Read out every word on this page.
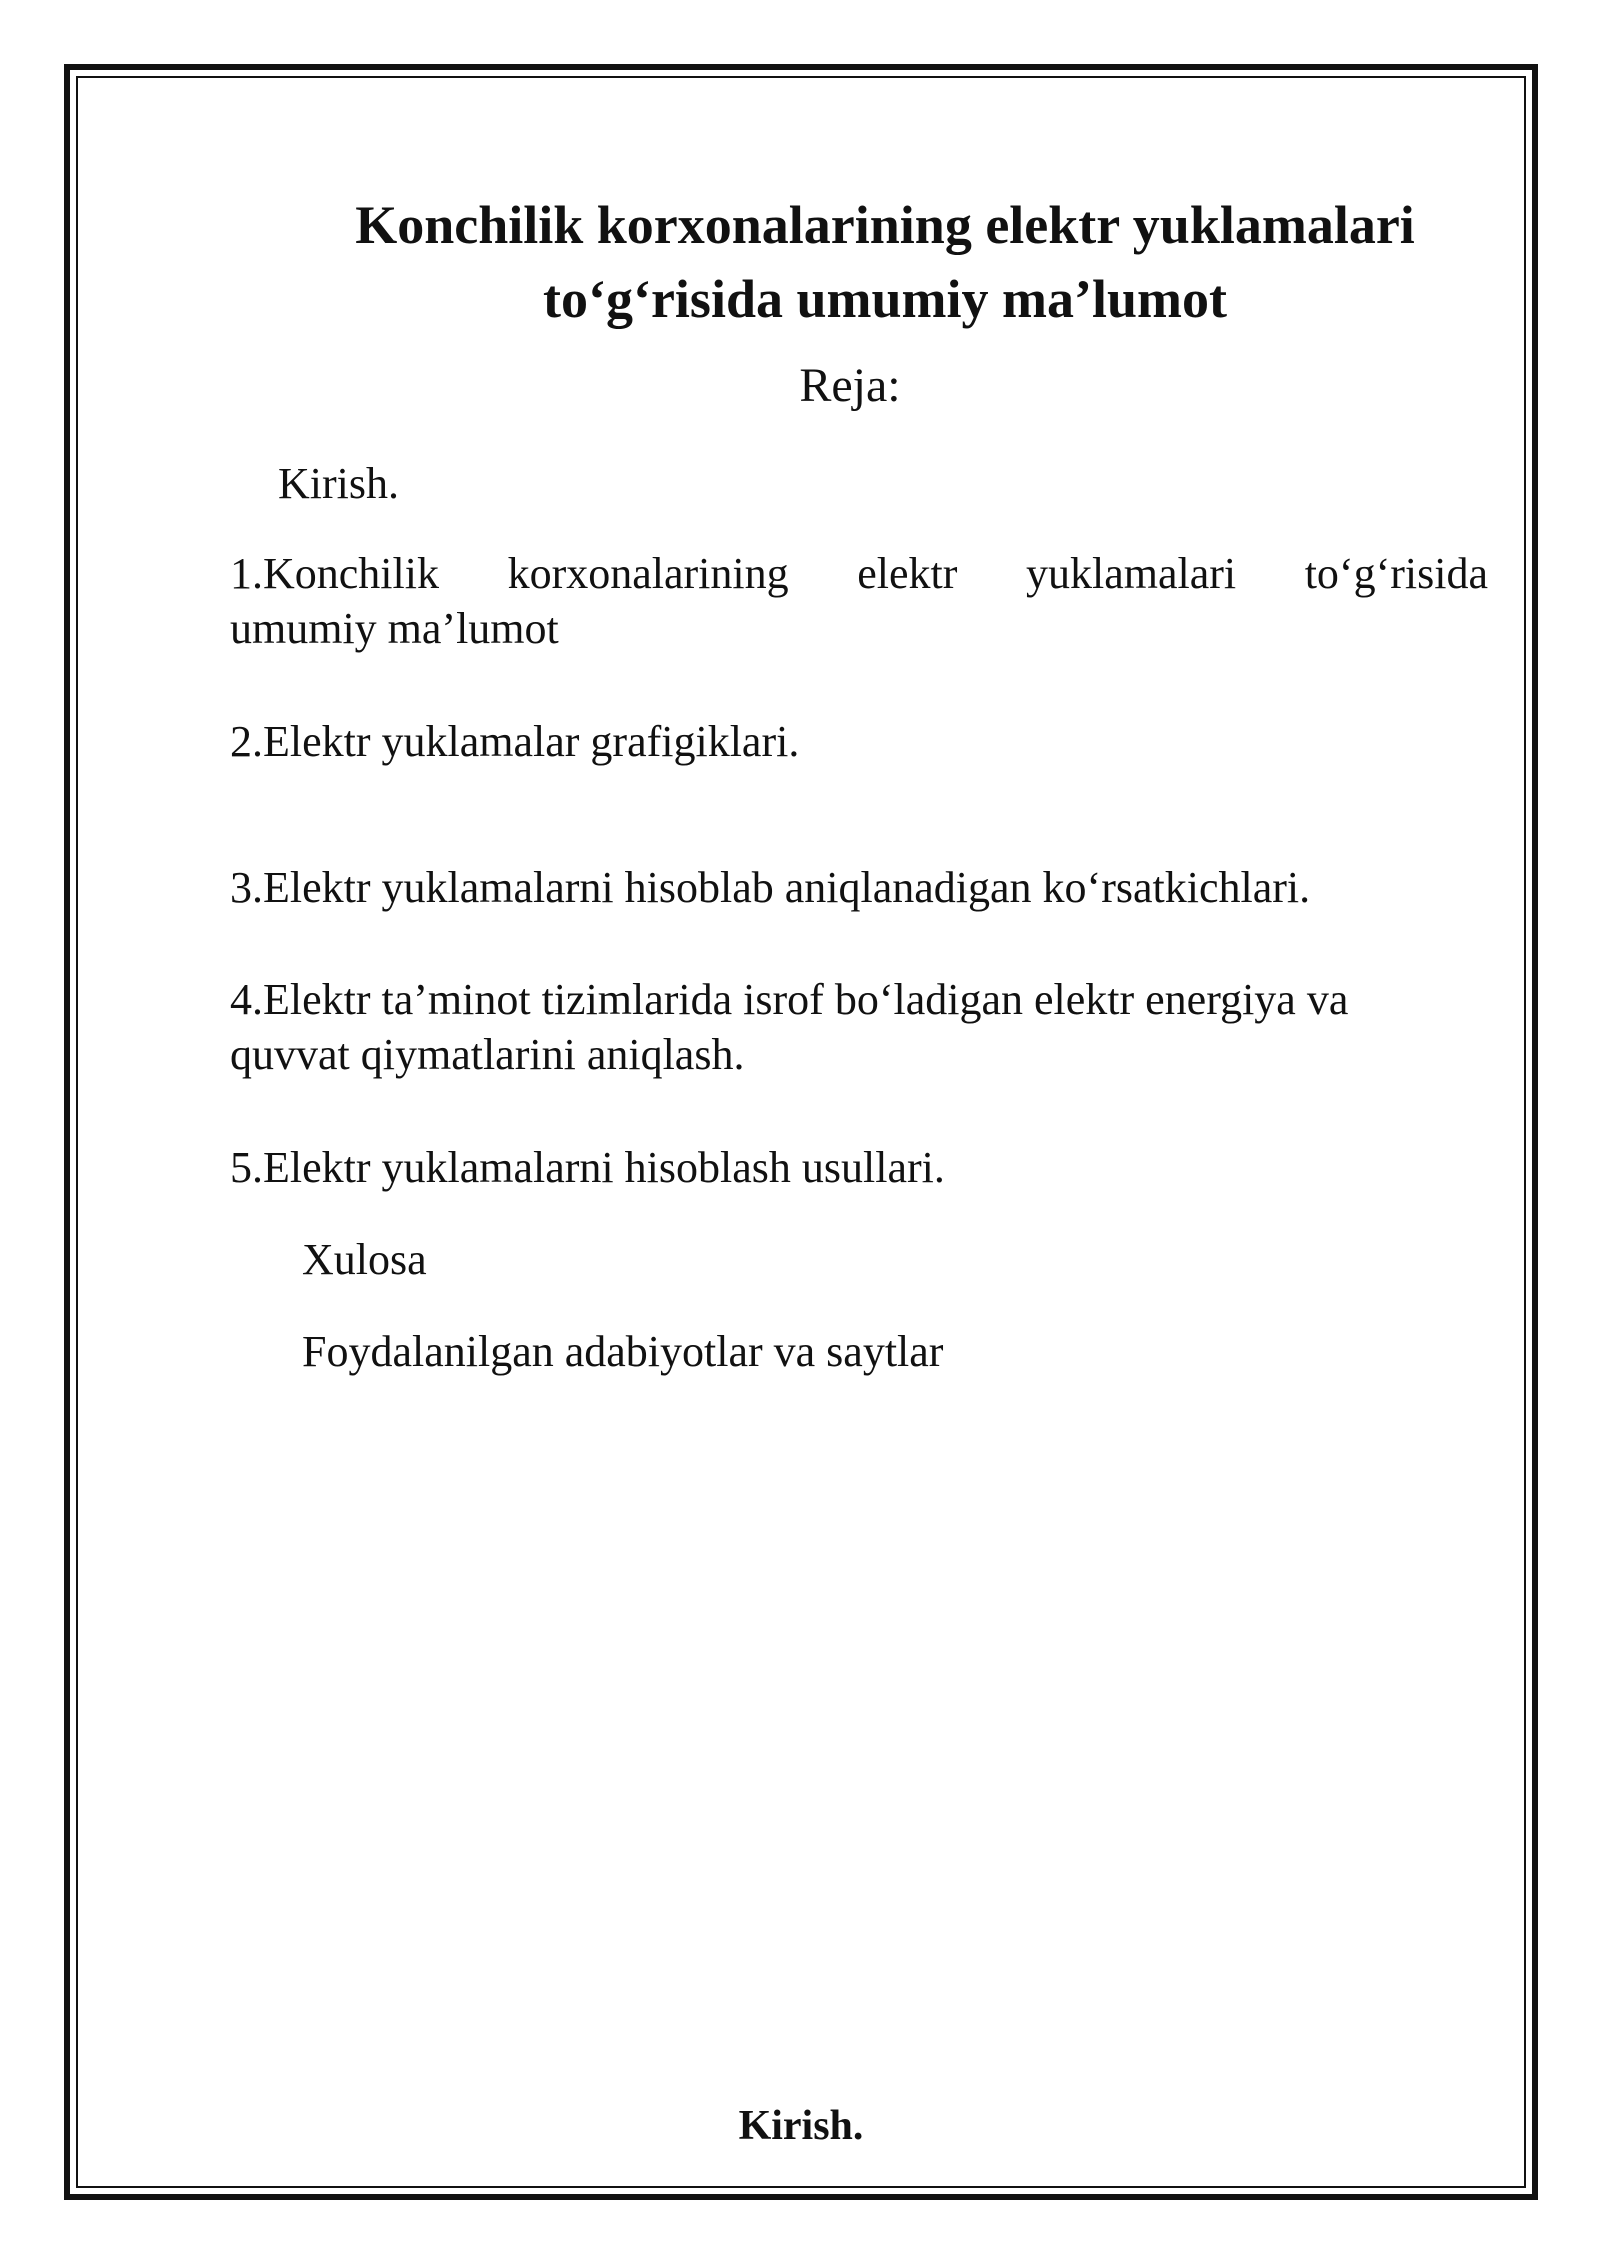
Konchilik korxonalarining elektr yuklamalari
to‘g‘risida umumiy ma’lumot
Reja:
Kirish.
1.Konchilik korxonalarining elektr yuklamalari to‘g‘risida
umumiy ma’lumot
2.Elektr yuklamalar grafigiklari.
3.Elektr yuklamalarni hisoblab aniqlanadigan ko‘rsatkichlari.
4.Elektr ta’minot tizimlarida isrof bo‘ladigan elektr energiya va
quvvat qiymatlarini aniqlash.
5.Elektr yuklamalarni hisoblash usullari.
Xulosa
Foydalanilgan adabiyotlar va saytlar
Kirish.
